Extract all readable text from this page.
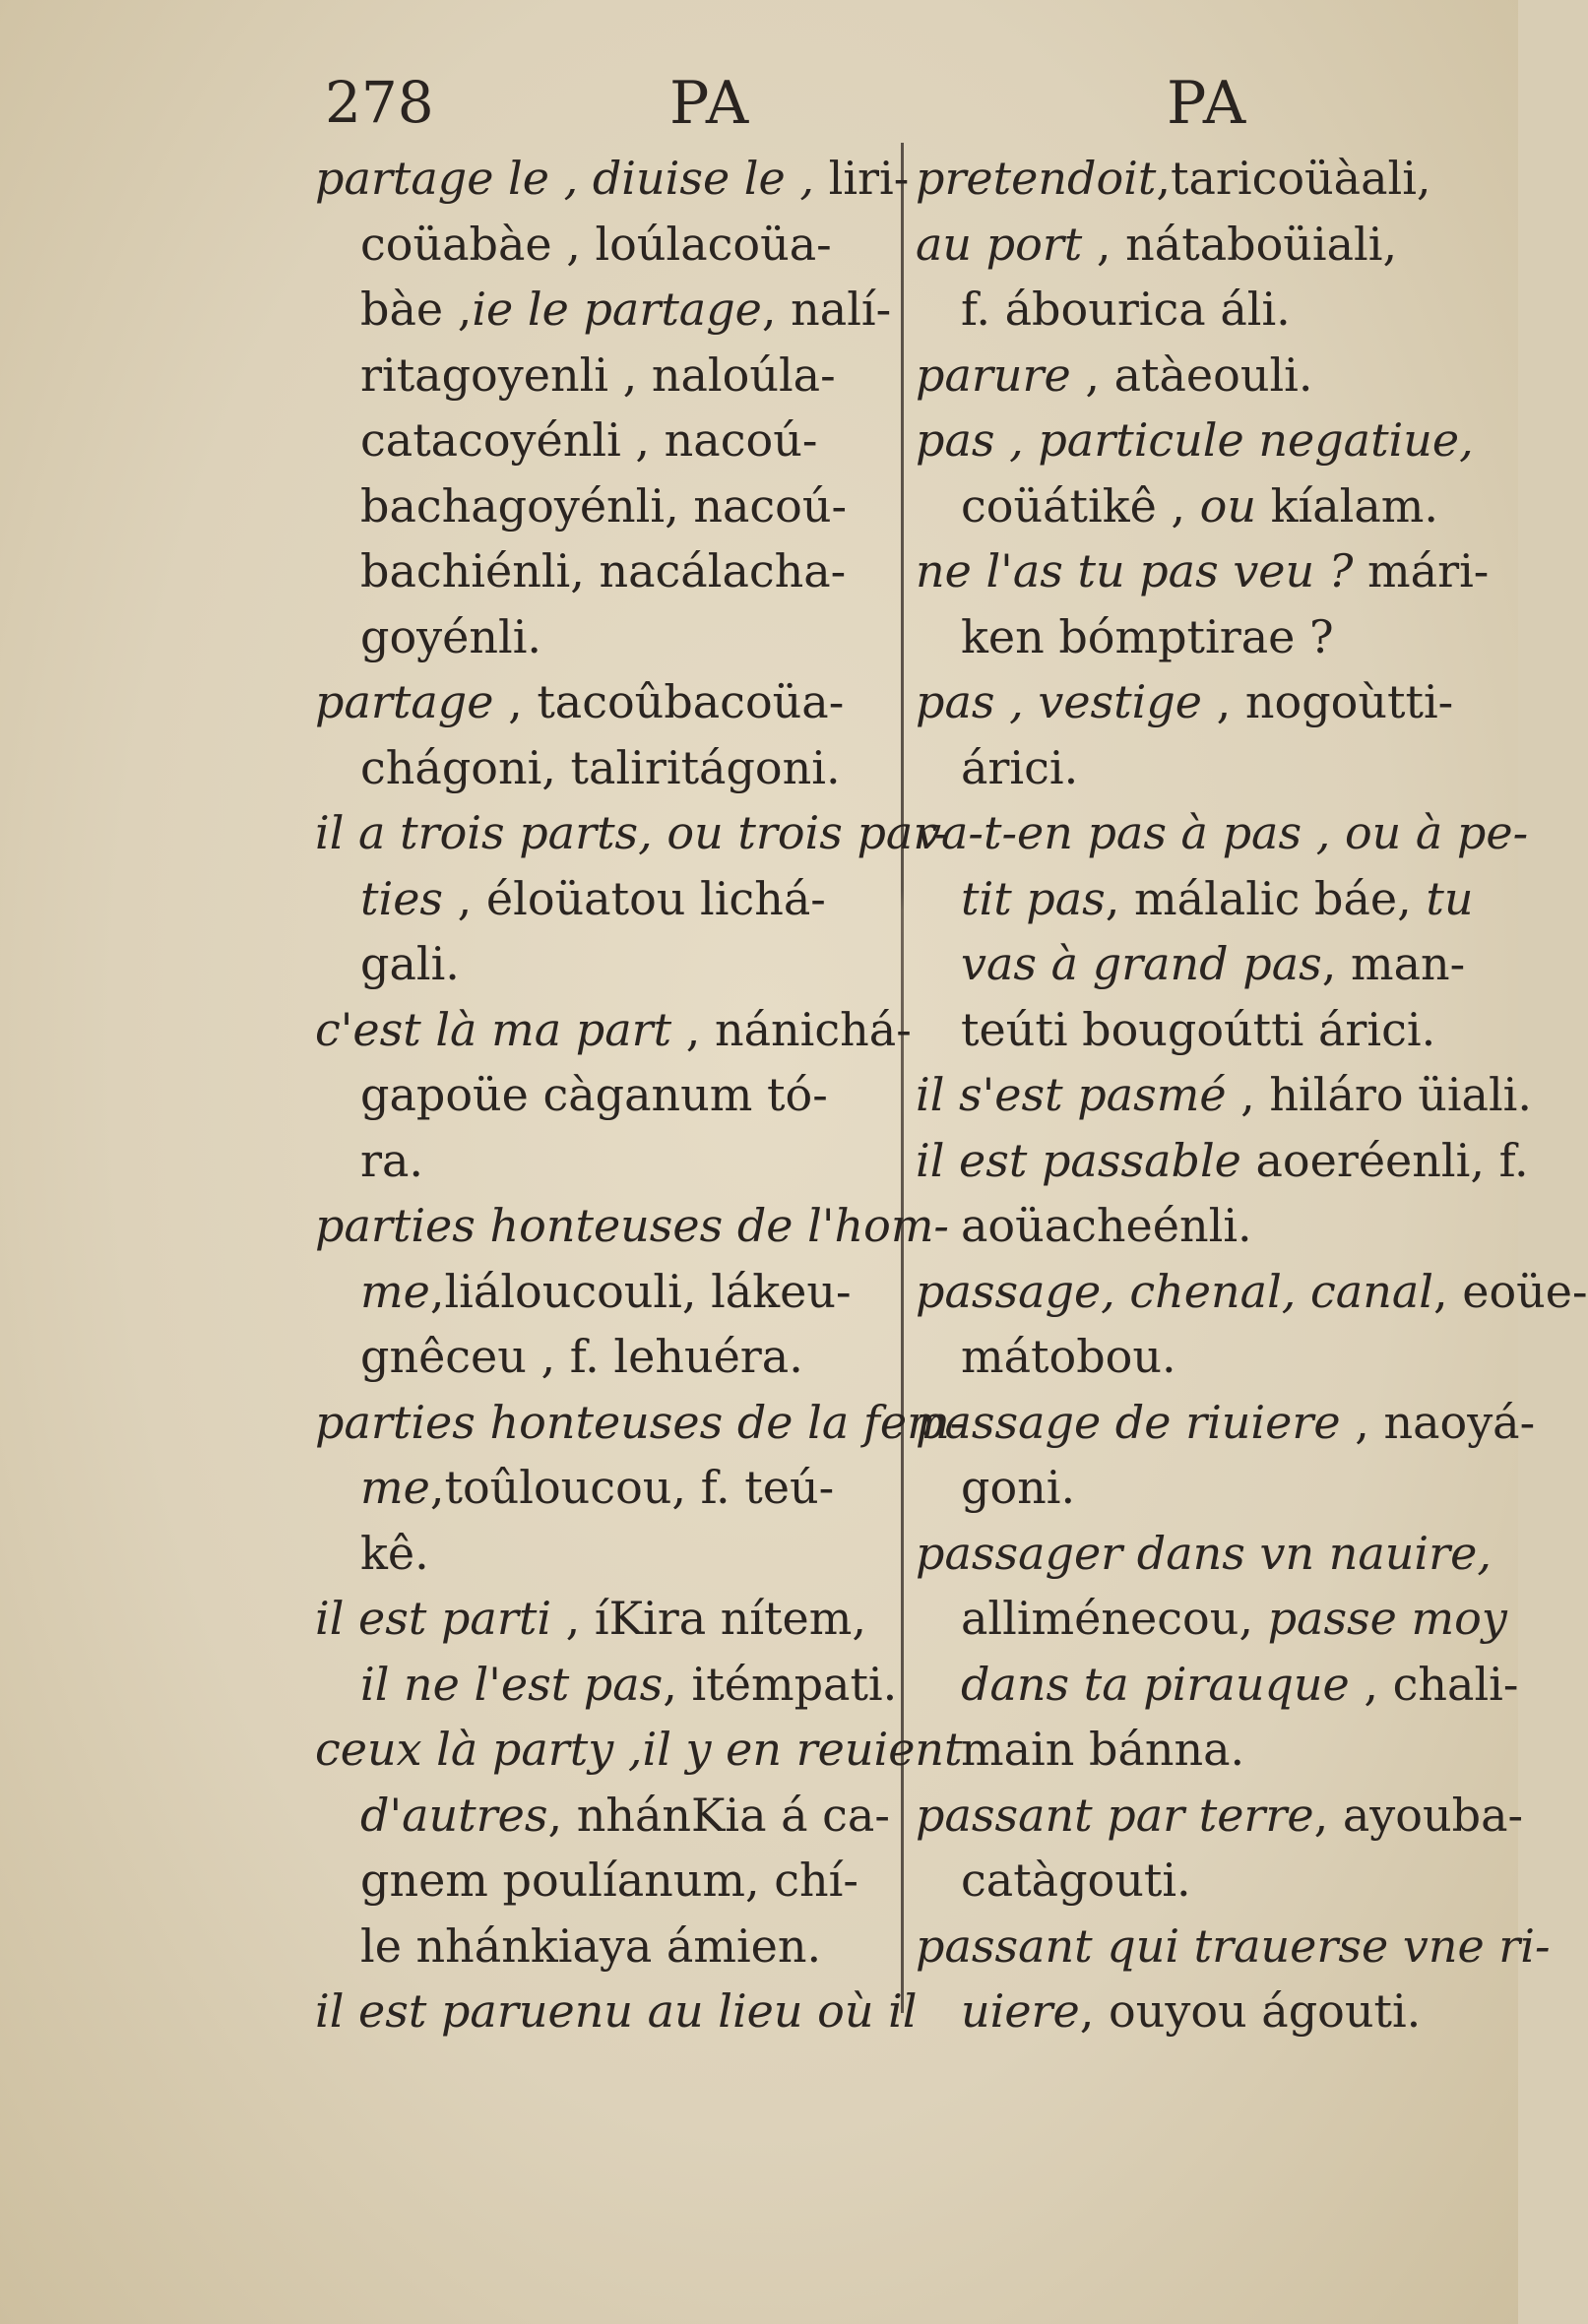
278	PA	PA
partage le , diuise le , liri-
coüabàe , loúlacoüa-
bàe ,ie le partage, nalí-
ritagoyenli , naloúla-
catacoyénli , nacoú-
bachagoyénli, nacoú-
bachiénli, nacálacha-
goyénli.
partage , tacoûbacoüa-
chágoni, taliritágoni.
il a trois parts, ou trois par-
ties , éloüatou lichá-
gali.
c'est là ma part , nánichá-
gapoüe càganum tó-
ra.
parties honteuses de l'hom-
me,liáloucouli, lákeu-
gnêceu , f. lehuéra.
parties honteuses de la fem-
me,toûloucou, f. teú-
kê.
il est parti , íKira nítem,
il ne l'est pas, itémpati.
ceux là party ,il y en reuient
d'autres, nhánKia á ca-
gnem poulíanum, chí-
le nhánkiaya ámien.
il est paruenu au lieu où il
pretendoit,taricoüàali,
au port , nátaboüiali,
f. ábourica áli.
parure , atàeouli.
pas , particule negatiue,
coüátikê , ou kíalam.
ne l'as tu pas veu ? mári-
ken bómptirae ?
pas , vestige , nogoùtti-
árici.
va-t-en pas à pas , ou à pe-
tit pas, málalic báe, tu
vas à grand pas, man-
teúti bougoútti árici.
il s'est pasmé , hiláro üiali.
il est passable aoeréenli, f.
aoüacheénli.
passage, chenal, canal, eoüe-
mátobou.
passage de riuiere , naoyá-
goni.
passager dans vn nauire,
alliménecou, passe moy
dans ta pirauque , chali-
main bánna.
passant par terre, ayouba-
catàgouti.
passant qui trauerse vne ri-
uiere, ouyou ágouti.
